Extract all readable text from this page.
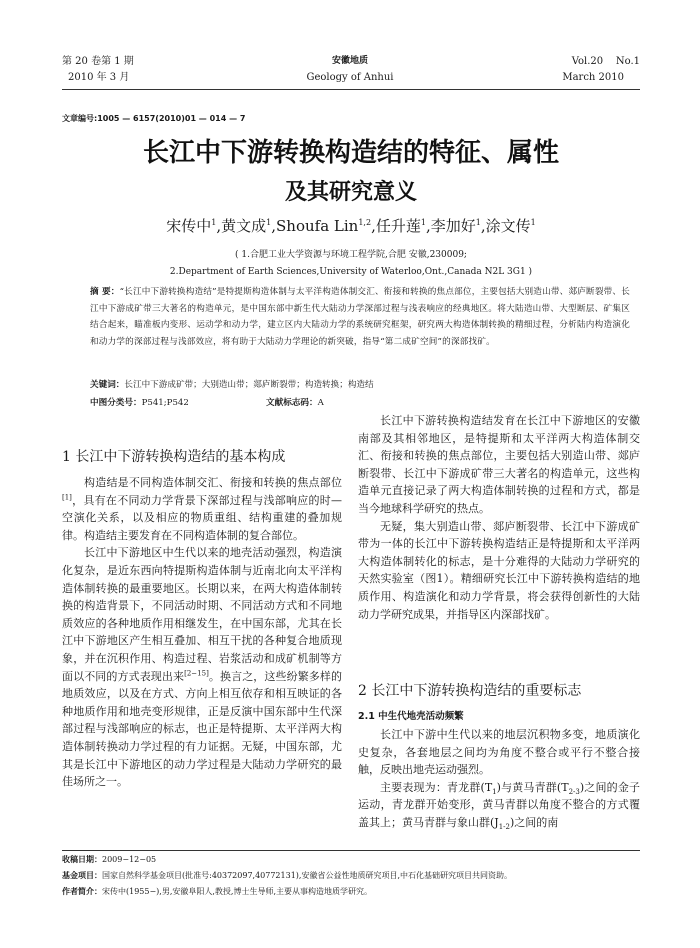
第 20 卷第 1 期
2010 年 3 月
安徽地质
Geology of Anhui
Vol.20    No.1
March 2010
文章编号:1005 — 6157(2010)01 — 014 — 7
长江中下游转换构造结的特征、属性
及其研究意义
宋传中$^1$,黄文成$^1$,Shoufa Lin$^{1,2}$,任升莲$^1$,李加好$^1$,涂文传$^1$
( 1.合肥工业大学资源与环境工程学院,合肥 安徽,230009;
2.Department of Earth Sciences,University of Waterloo,Ont.,Canada N2L 3G1 )
摘 要：“长江中下游转换构造结”是特提斯构造体制与太平洋构造体制交汇、衔接和转换的焦点部位，主要包括大别造山带、郯庐断裂带、长江中下游成矿带三大著名的构造单元，是中国东部中新生代大陆动力学深部过程与浅表响应的经典地区。将大陆造山带、大型断层、矿集区结合起来，瞄准板内变形、运动学和动力学，建立区内大陆动力学的系统研究框架，研究两大构造体制转换的精细过程，分析陆内构造演化和动力学的深部过程与浅部效应，将有助于大陆动力学理论的新突破，指导“第二成矿空间”的深部找矿。
关键词：长江中下游成矿带；大别造山带；郯庐断裂带；构造转换；构造结
中图分类号：P541;P542	文献标志码：A
1 长江中下游转换构造结的基本构成

构造结是不同构造体制交汇、衔接和转换的焦点部位[1]，具有在不同动力学背景下深部过程与浅部响应的时—空演化关系，以及相应的物质重组、结构重建的叠加规律。构造结主要发育在不同构造体制的复合部位。

长江中下游地区中生代以来的地壳活动强烈，构造演化复杂，是近东西向特提斯构造体制与近南北向太平洋构造体制转换的最重要地区。长期以来，在两大构造体制转换的构造背景下，不同活动时期、不同活动方式和不同地质效应的各种地质作用相继发生，在中国东部，尤其在长江中下游地区产生相互叠加、相互干扰的各种复合地质现象，并在沉积作用、构造过程、岩浆活动和成矿机制等方面以不同的方式表现出来[2−15]。换言之，这些纷繁多样的地质效应，以及在方式、方向上相互依存和相互映证的各种地质作用和地壳变形规律，正是反演中国东部中生代深部过程与浅部响应的标志，也正是特提斯、太平洋两大构造体制转换动力学过程的有力证据。无疑，中国东部，尤其是长江中下游地区的动力学过程是大陆动力学研究的最佳场所之一。

长江中下游转换构造结发育在长江中下游地区的安徽南部及其相邻地区，是特提斯和太平洋两大构造体制交汇、衔接和转换的焦点部位，主要包括大别造山带、郯庐断裂带、长江中下游成矿带三大著名的构造单元，这些构造单元直接记录了两大构造体制转换的过程和方式，都是当今地球科学研究的热点。

无疑，集大别造山带、郯庐断裂带、长江中下游成矿带为一体的长江中下游转换构造结正是特提斯和太平洋两大构造体制转化的标志，是十分难得的大陆动力学研究的天然实验室（图1）。精细研究长江中下游转换构造结的地质作用、构造演化和动力学背景，将会获得创新性的大陆动力学研究成果，并指导区内深部找矿。

2 长江中下游转换构造结的重要标志
2.1 中生代地壳活动频繁

长江中下游中生代以来的地层沉积物多变，地质演化史复杂，各套地层之间均为角度不整合或平行不整合接触，反映出地壳运动强烈。

主要表现为：青龙群$(T_1)$与黄马青群$(T_{2-3})$之间的金子运动，青龙群开始变形，黄马青群以角度不整合的方式覆盖其上；黄马青群与象山群$(J_{1-2})$之间的南

收稿日期：2009−12−05
基金项目：国家自然科学基金项目(批准号:40372097,40772131),安徽省公益性地质研究项目,中石化基础研究项目共同资助。
作者简介：宋传中(1955−),男,安徽阜阳人,教授,博士生导师,主要从事构造地质学研究。
